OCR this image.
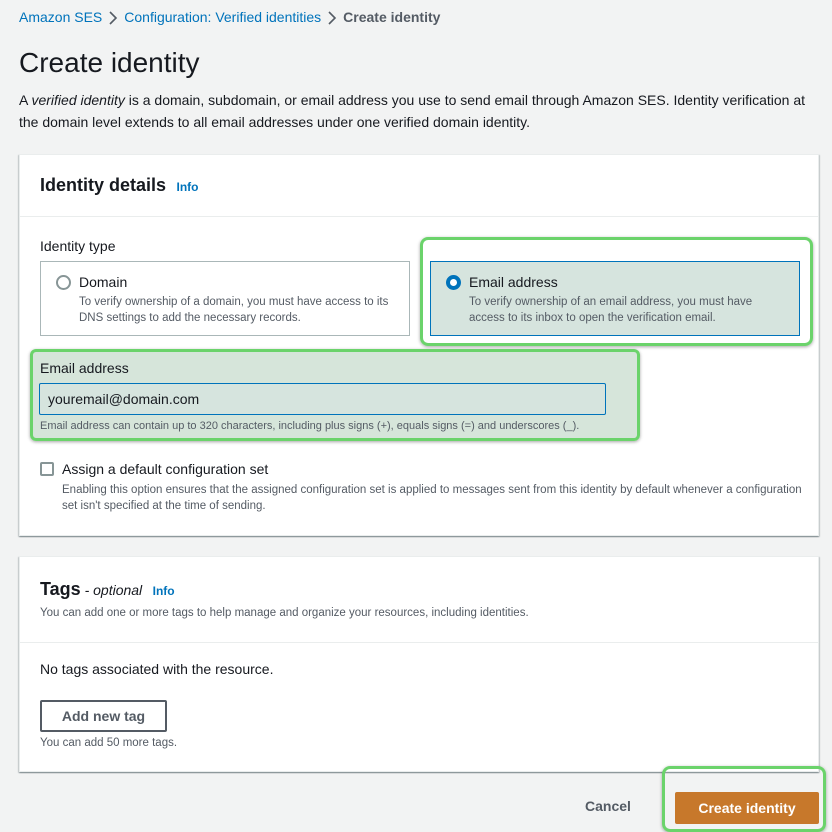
Amazon SES Configuration: Verified identities Create identity
Create identity

A verified identity is a domain, subdomain, or email address you use to send email through Amazon SES. Identity verification at the domain level extends to all email addresses under one verified domain identity.

Identity details Info
Identity type
Domain
To verify ownership of a domain, you must have access to its DNS settings to add the necessary records.
Email address
To verify ownership of an email address, you must have access to its inbox to open the verification email.
Email address
youremail@domain.com
Email address can contain up to 320 characters, including plus signs (+), equals signs (=) and underscores (_).
Assign a default configuration set
Enabling this option ensures that the assigned configuration set is applied to messages sent from this identity by default whenever a configuration set isn't specified at the time of sending.
Tags - optional Info
You can add one or more tags to help manage and organize your resources, including identities.
No tags associated with the resource.
Add new tag
You can add 50 more tags.
Cancel	Create identity
